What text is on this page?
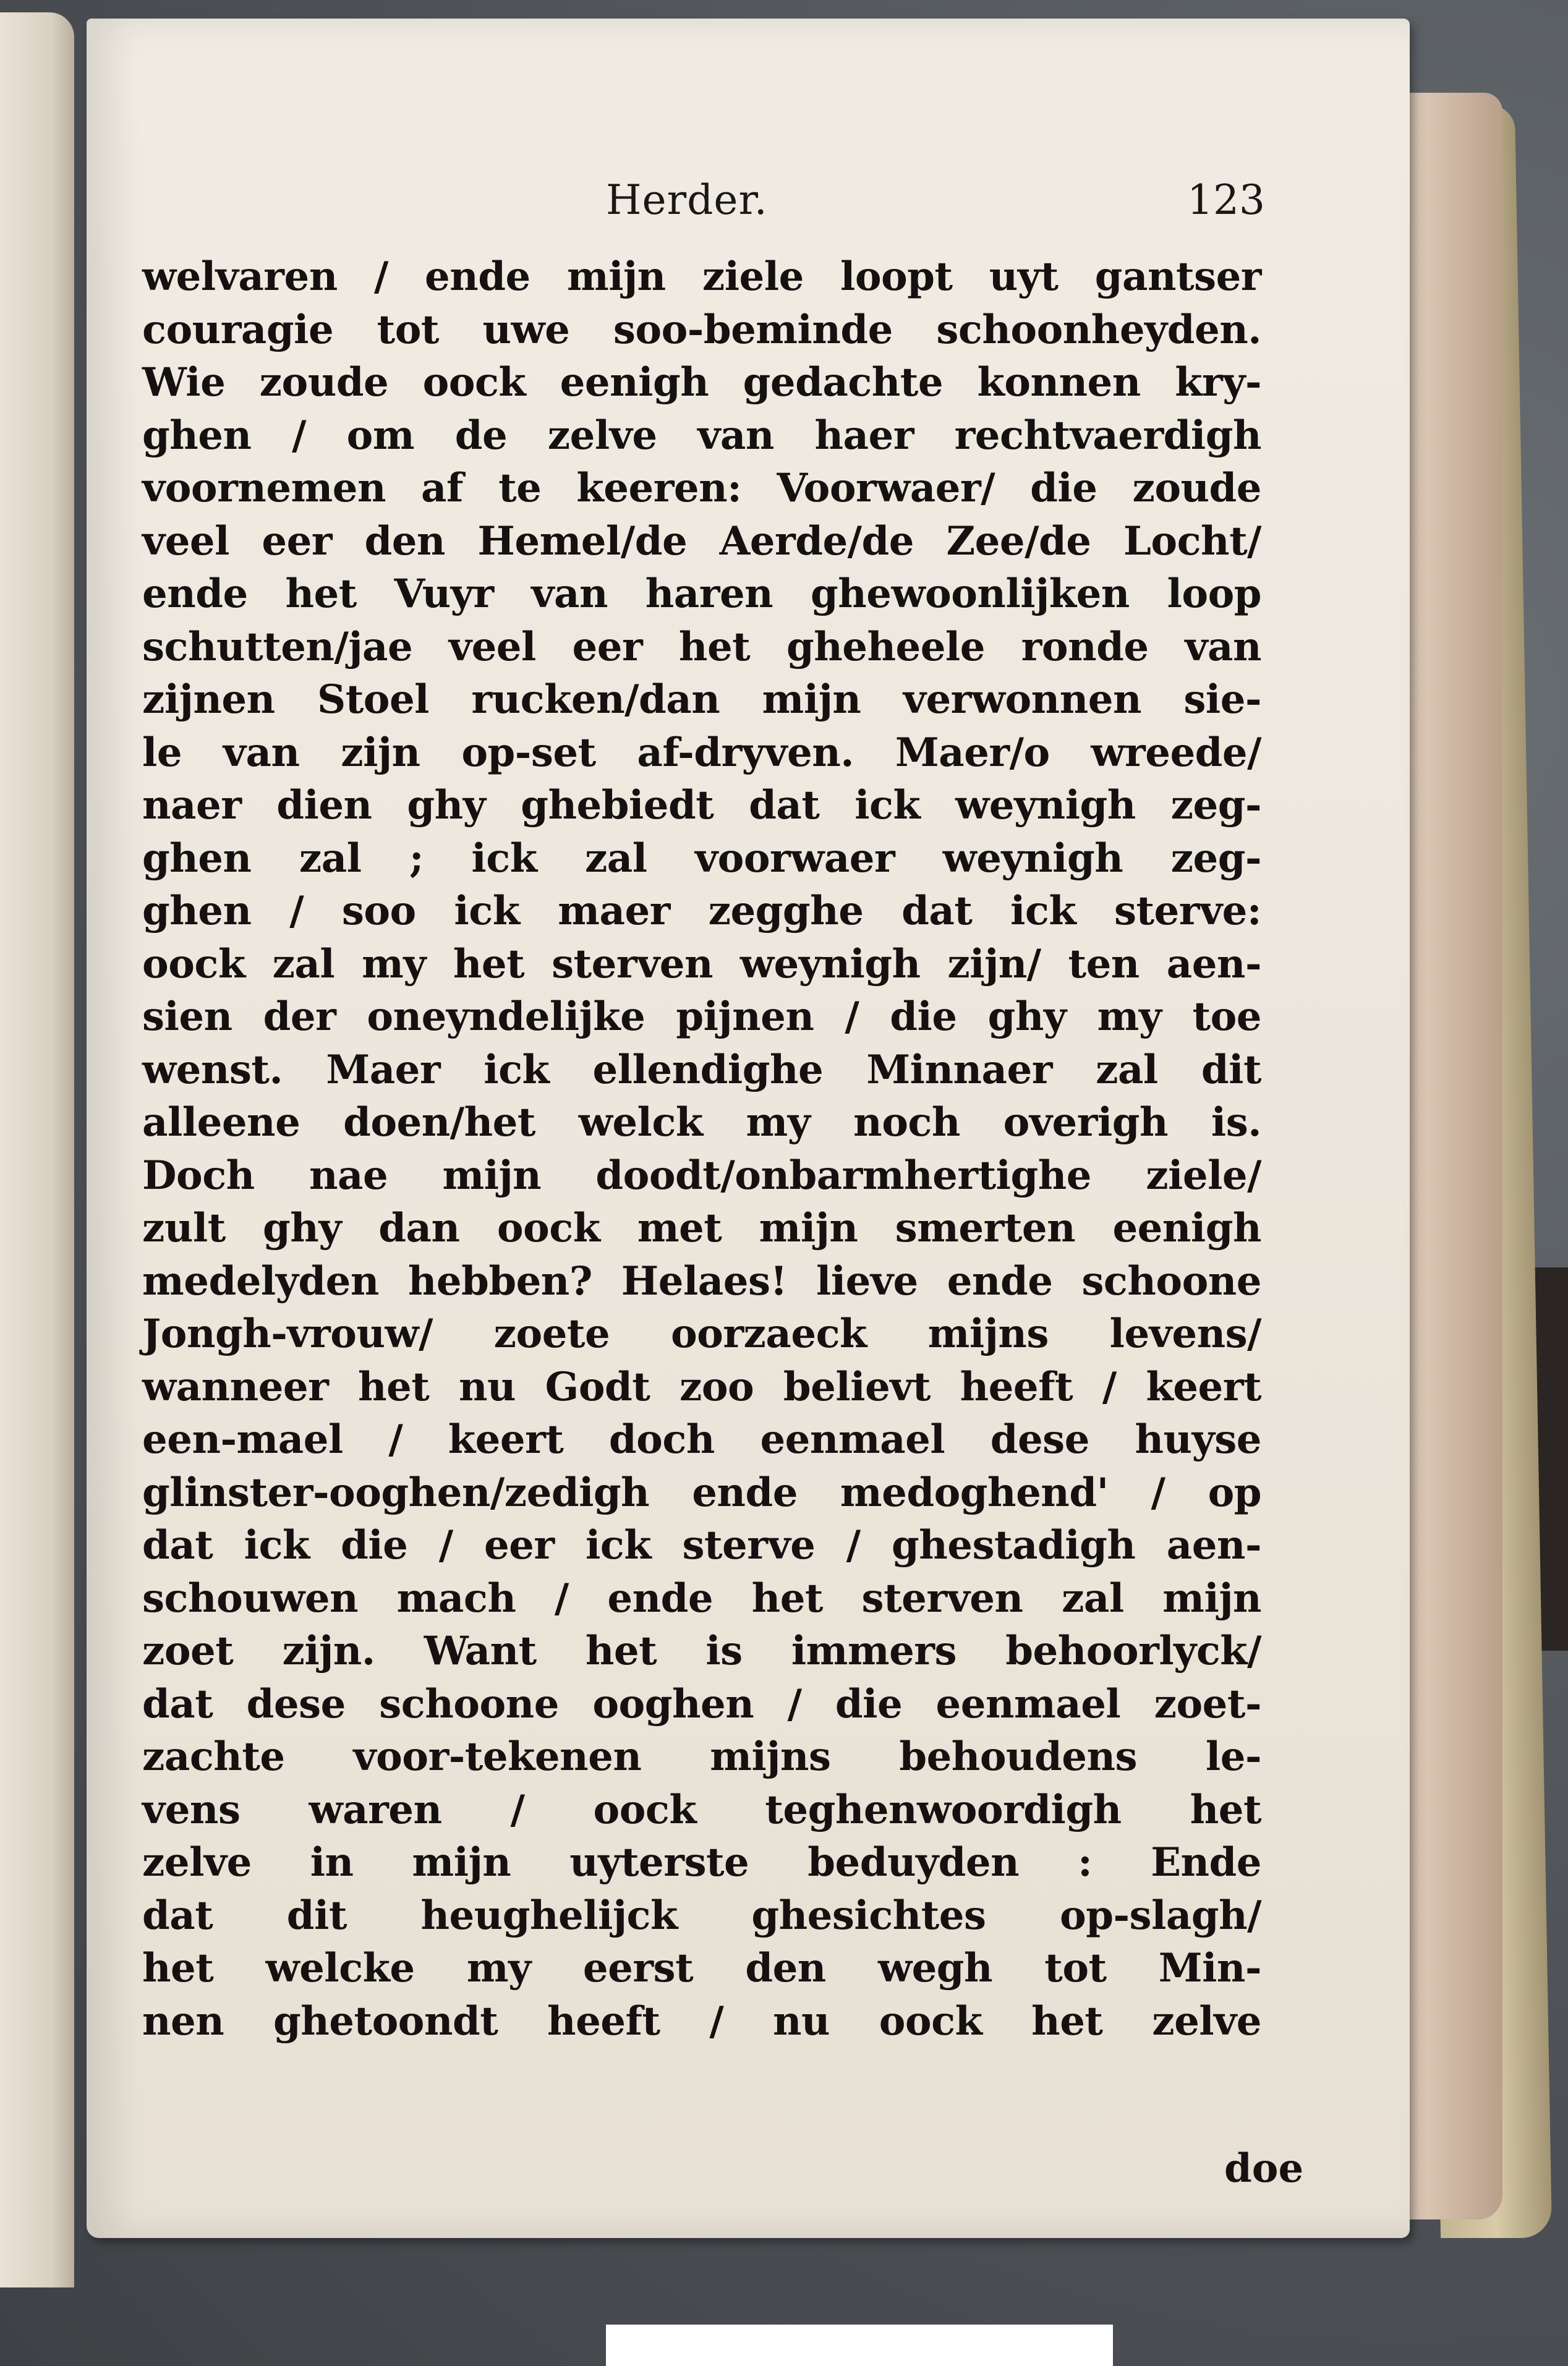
Herder.	123
welvaren / ende mijn ziele loopt uyt gantser
couragie tot uwe soo-beminde schoonheyden.
Wie zoude oock eenigh gedachte konnen kry-
ghen / om de zelve van haer rechtvaerdigh
voornemen af te keeren: Voorwaer/ die zoude
veel eer den Hemel/de Aerde/de Zee/de Locht/
ende het Vuyr van haren ghewoonlijken loop
schutten/jae veel eer het gheheele ronde van
zijnen Stoel rucken/dan mijn verwonnen sie-
le van zijn op-set af-dryven. Maer/o wreede/
naer dien ghy ghebiedt dat ick weynigh zeg-
ghen zal ; ick zal voorwaer weynigh zeg-
ghen / soo ick maer zegghe dat ick sterve:
oock zal my het sterven weynigh zijn/ ten aen-
sien der oneyndelijke pijnen / die ghy my toe
wenst. Maer ick ellendighe Minnaer zal dit
alleene doen/het welck my noch overigh is.
Doch nae mijn doodt/onbarmhertighe ziele/
zult ghy dan oock met mijn smerten eenigh
medelyden hebben? Helaes! lieve ende schoone
Jongh-vrouw/ zoete oorzaeck mijns levens/
wanneer het nu Godt zoo believt heeft / keert
een-mael / keert doch eenmael dese huyse
glinster-ooghen/zedigh ende medoghend' / op
dat ick die / eer ick sterve / ghestadigh aen-
schouwen mach / ende het sterven zal mijn
zoet zijn. Want het is immers behoorlyck/
dat dese schoone ooghen / die eenmael zoet-
zachte voor-tekenen mijns behoudens le-
vens waren / oock teghenwoordigh het
zelve in mijn uyterste beduyden : Ende
dat dit heughelijck ghesichtes op-slagh/
het welcke my eerst den wegh tot Min-
nen ghetoondt heeft / nu oock het zelve
doe
